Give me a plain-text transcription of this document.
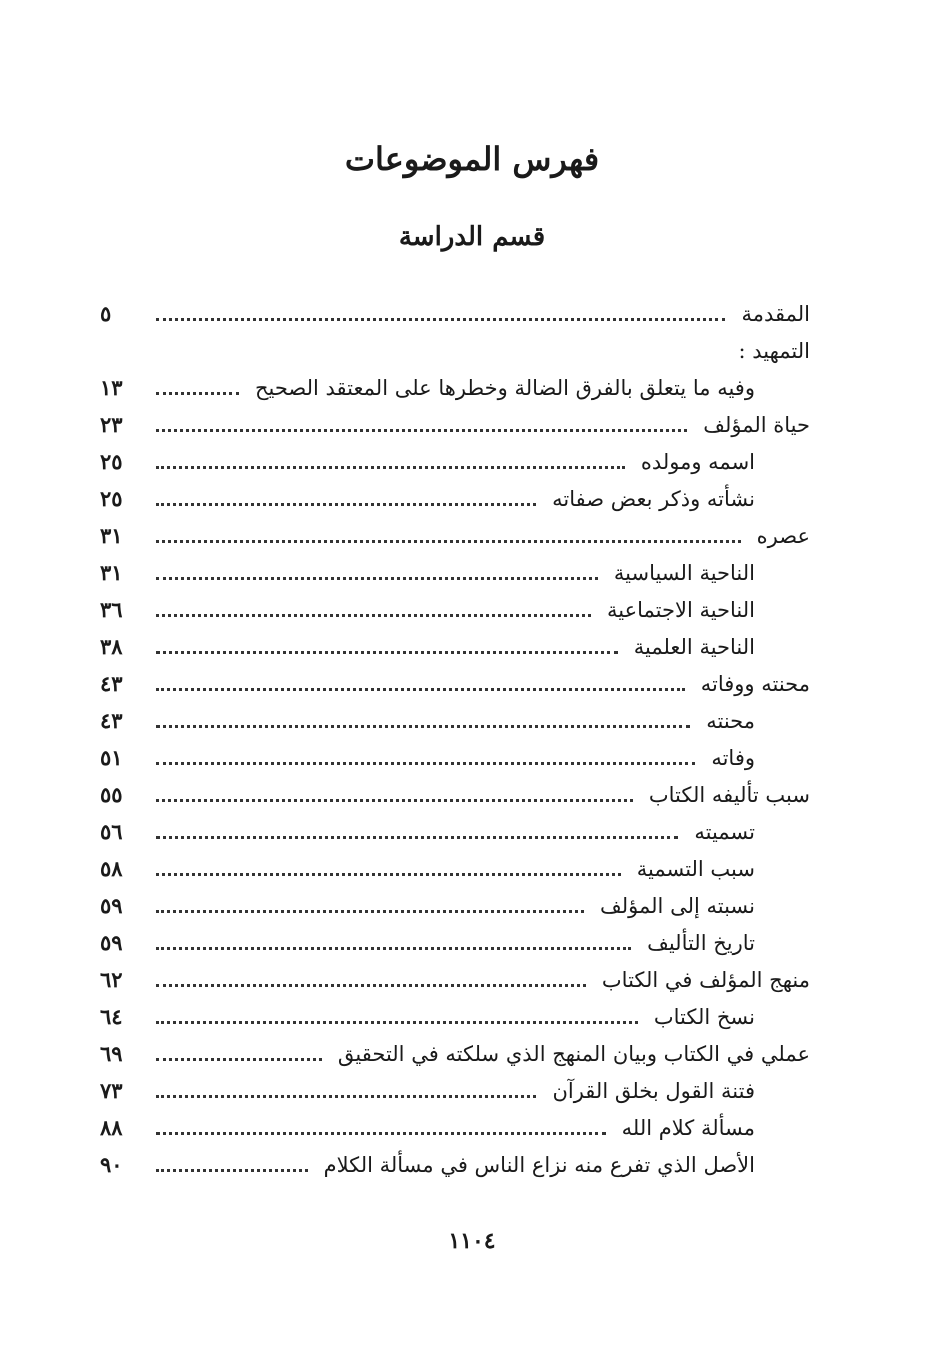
فهرس الموضوعات
قسم الدراسة
المقدمة
٥
التمهيد :
وفيه ما يتعلق بالفرق الضالة وخطرها على المعتقد الصحيح
١٣
حياة المؤلف
٢٣
اسمه ومولده
٢٥
نشأته وذكر بعض صفاته
٢٥
عصره
٣١
الناحية السياسية
٣١
الناحية الاجتماعية
٣٦
الناحية العلمية
٣٨
محنته ووفاته
٤٣
محنته
٤٣
وفاته
٥١
سبب تأليفه الكتاب
٥٥
تسميته
٥٦
سبب التسمية
٥٨
نسبته إلى المؤلف
٥٩
تاريخ التأليف
٥٩
منهج المؤلف في الكتاب
٦٢
نسخ الكتاب
٦٤
عملي في الكتاب وبيان المنهج الذي سلكته في التحقيق
٦٩
فتنة القول بخلق القرآن
٧٣
مسألة كلام الله
٨٨
الأصل الذي تفرع منه نزاع الناس في مسألة الكلام
٩٠
١١٠٤
